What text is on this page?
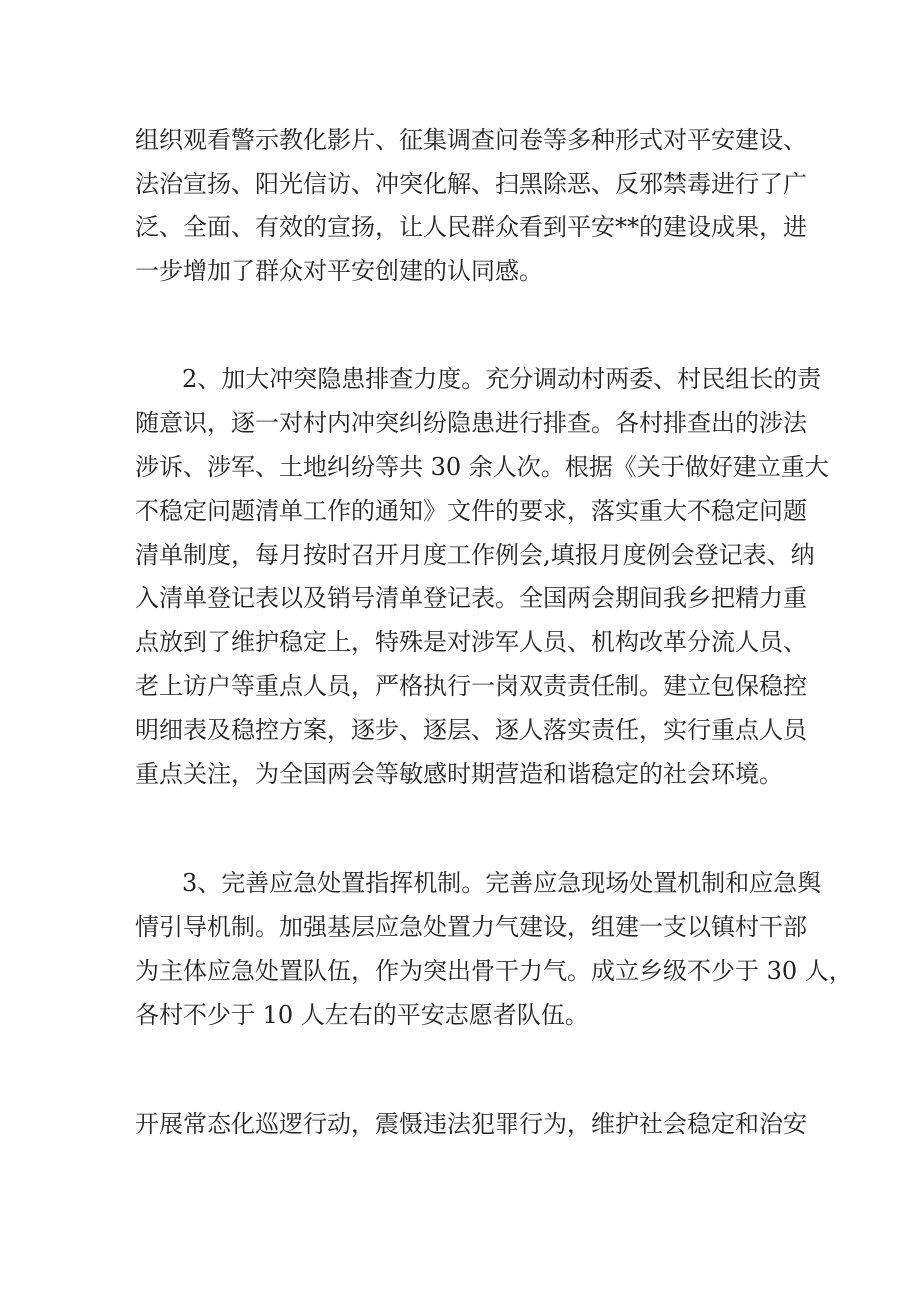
组织观看警示教化影片、征集调查问卷等多种形式对平安建设、
法治宣扬、阳光信访、冲突化解、扫黑除恶、反邪禁毒进行了广
泛、全面、有效的宣扬，让人民群众看到平安**的建设成果，进
一步增加了群众对平安创建的认同感。
2、加大冲突隐患排查力度。充分调动村两委、村民组长的责
随意识，逐一对村内冲突纠纷隐患进行排查。各村排查出的涉法
涉诉、涉军、土地纠纷等共 30 余人次。根据《关于做好建立重大
不稳定问题清单工作的通知》文件的要求，落实重大不稳定问题
清单制度，每月按时召开月度工作例会,填报月度例会登记表、纳
入清单登记表以及销号清单登记表。全国两会期间我乡把精力重
点放到了维护稳定上，特殊是对涉军人员、机构改革分流人员、
老上访户等重点人员，严格执行一岗双责责任制。建立包保稳控
明细表及稳控方案，逐步、逐层、逐人落实责任，实行重点人员
重点关注，为全国两会等敏感时期营造和谐稳定的社会环境。
3、完善应急处置指挥机制。完善应急现场处置机制和应急舆
情引导机制。加强基层应急处置力气建设，组建一支以镇村干部
为主体应急处置队伍，作为突出骨干力气。成立乡级不少于 30 人，
各村不少于 10 人左右的平安志愿者队伍。
开展常态化巡逻行动，震慑违法犯罪行为，维护社会稳定和治安
